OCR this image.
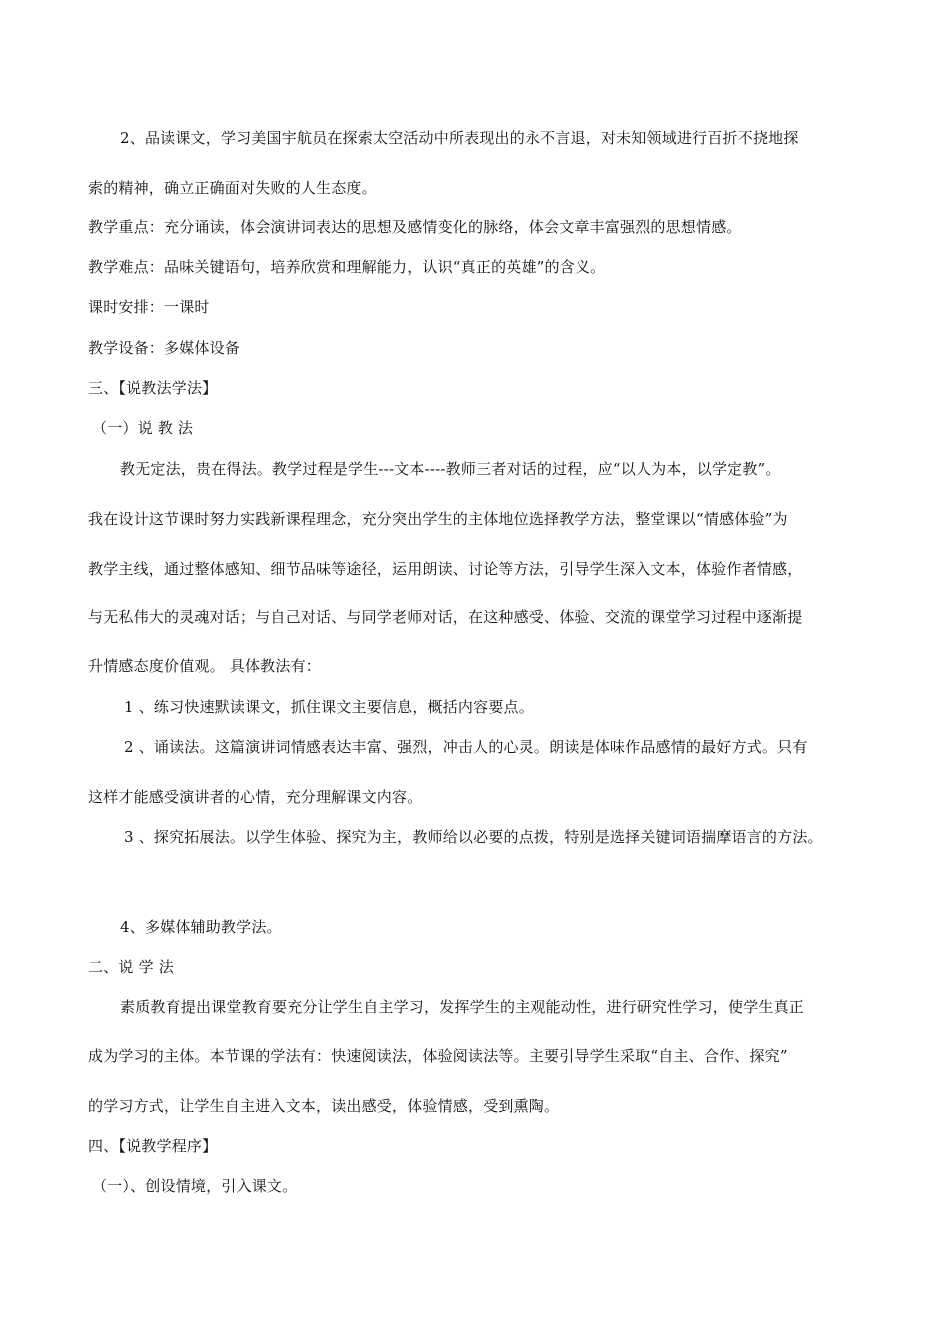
2、品读课文，学习美国宇航员在探索太空活动中所表现出的永不言退，对未知领域进行百折不挠地探
索的精神，确立正确面对失败的人生态度。
教学重点：充分诵读，体会演讲词表达的思想及感情变化的脉络，体会文章丰富强烈的思想情感。
教学难点：品味关键语句，培养欣赏和理解能力，认识“真正的英雄”的含义。
课时安排：一课时
教学设备：多媒体设备
三、【说教法学法】
（一）说 教 法
教无定法，贵在得法。教学过程是学生---文本----教师三者对话的过程，应“以人为本，以学定教”。
我在设计这节课时努力实践新课程理念，充分突出学生的主体地位选择教学方法，整堂课以“情感体验”为
教学主线，通过整体感知、细节品味等途径，运用朗读、讨论等方法，引导学生深入文本，体验作者情感，
与无私伟大的灵魂对话；与自己对话、与同学老师对话，在这种感受、体验、交流的课堂学习过程中逐渐提
升情感态度价值观。 具体教法有：
1 、练习快速默读课文，抓住课文主要信息，概括内容要点。
2 、诵读法。这篇演讲词情感表达丰富、强烈，冲击人的心灵。朗读是体味作品感情的最好方式。只有
这样才能感受演讲者的心情，充分理解课文内容。
3 、探究拓展法。以学生体验、探究为主，教师给以必要的点拨，特别是选择关键词语揣摩语言的方法。
4、多媒体辅助教学法。
二、说 学 法
素质教育提出课堂教育要充分让学生自主学习，发挥学生的主观能动性，进行研究性学习，使学生真正
成为学习的主体。本节课的学法有：快速阅读法，体验阅读法等。主要引导学生采取“自主、合作、探究”
的学习方式，让学生自主进入文本，读出感受，体验情感，受到熏陶。
四、【说教学程序】
（一）、创设情境，引入课文。
